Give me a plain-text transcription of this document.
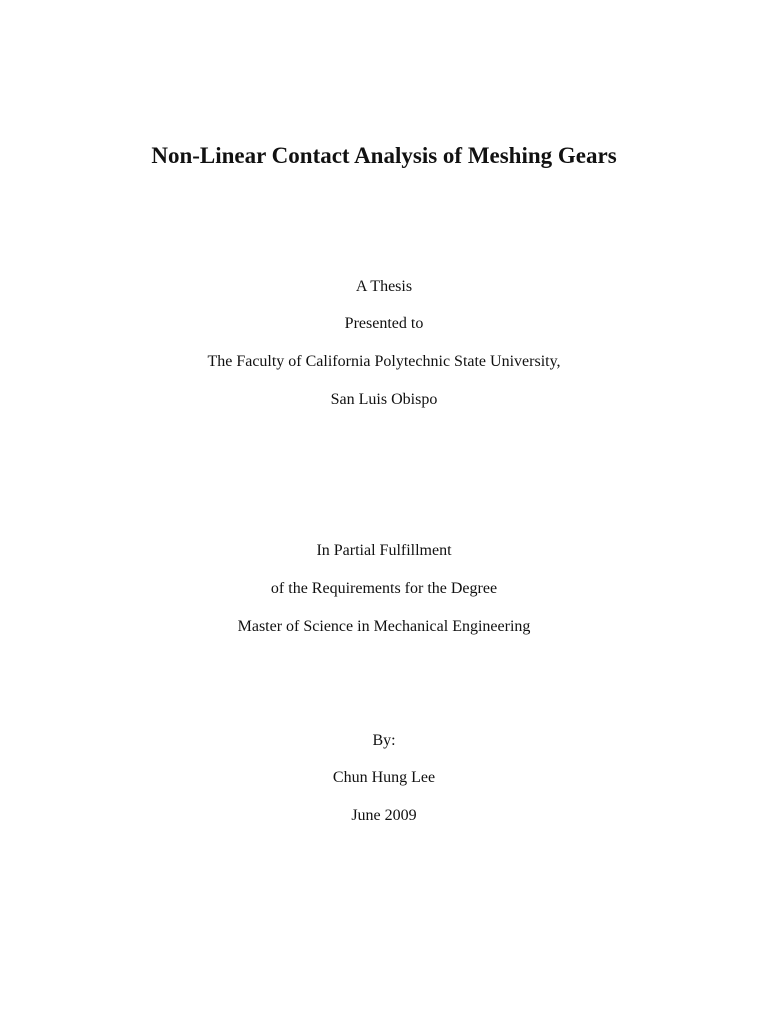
Non-Linear Contact Analysis of Meshing Gears
A Thesis
Presented to
The Faculty of California Polytechnic State University,
San Luis Obispo
In Partial Fulfillment
of the Requirements for the Degree
Master of Science in Mechanical Engineering
By:
Chun Hung Lee
June 2009
